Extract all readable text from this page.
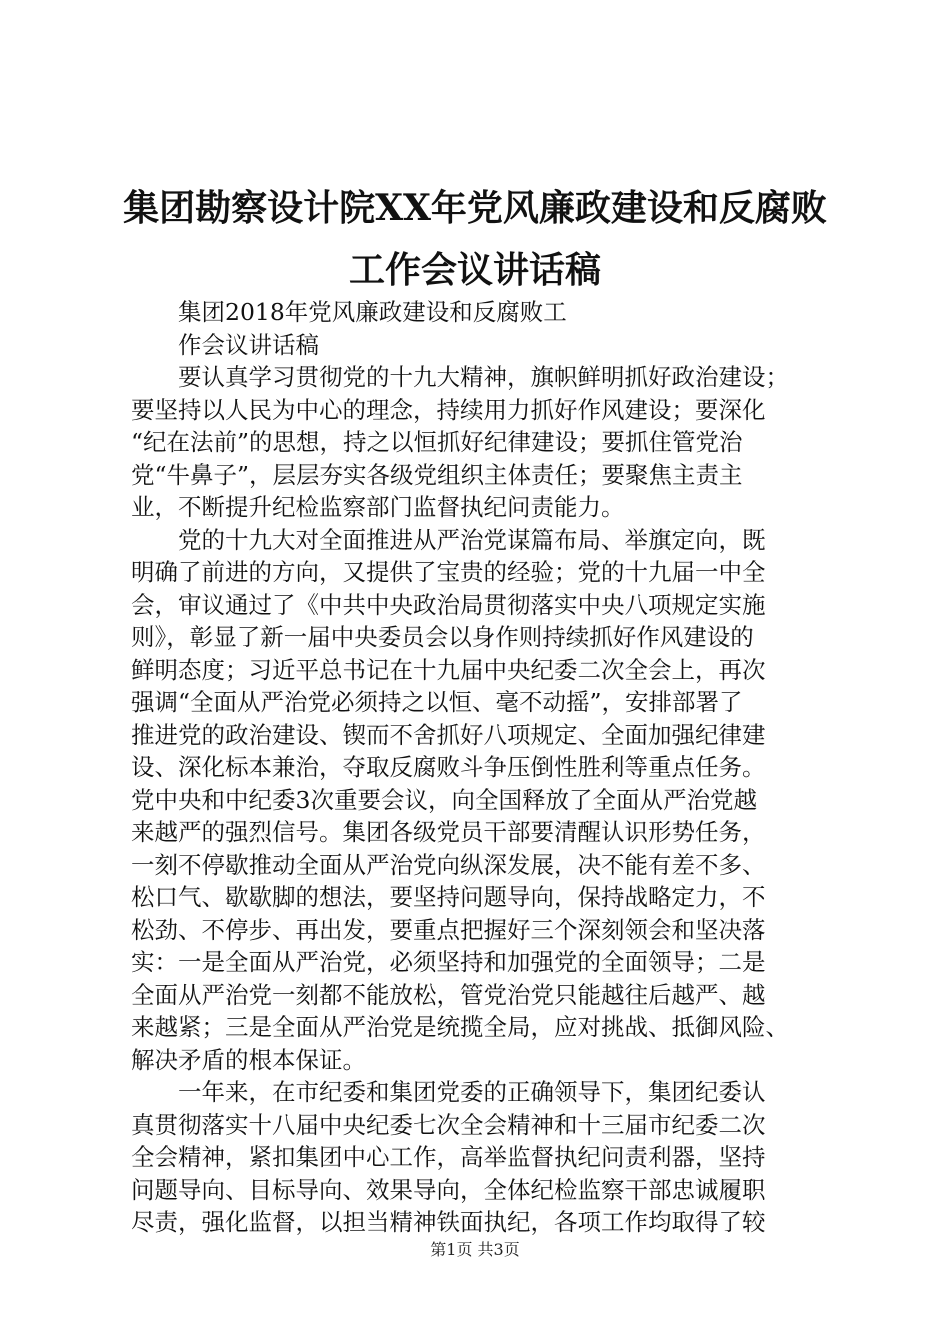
集团勘察设计院XX年党风廉政建设和反腐败
工作会议讲话稿

集团2018年党风廉政建设和反腐败工

作会议讲话稿

要认真学习贯彻党的十九大精神，旗帜鲜明抓好政治建设；

要坚持以人民为中心的理念，持续用力抓好作风建设；要深化

“纪在法前”的思想，持之以恒抓好纪律建设；要抓住管党治

党“牛鼻子”，层层夯实各级党组织主体责任；要聚焦主责主

业，不断提升纪检监察部门监督执纪问责能力。

党的十九大对全面推进从严治党谋篇布局、举旗定向，既

明确了前进的方向，又提供了宝贵的经验；党的十九届一中全

会，审议通过了《中共中央政治局贯彻落实中央八项规定实施

则》，彰显了新一届中央委员会以身作则持续抓好作风建设的

鲜明态度；习近平总书记在十九届中央纪委二次全会上，再次

强调“全面从严治党必须持之以恒、毫不动摇”，安排部署了

推进党的政治建设、锲而不舍抓好八项规定、全面加强纪律建

设、深化标本兼治，夺取反腐败斗争压倒性胜利等重点任务。

党中央和中纪委3次重要会议，向全国释放了全面从严治党越

来越严的强烈信号。集团各级党员干部要清醒认识形势任务，

一刻不停歇推动全面从严治党向纵深发展，决不能有差不多、

松口气、歇歇脚的想法，要坚持问题导向，保持战略定力，不

松劲、不停步、再出发，要重点把握好三个深刻领会和坚决落

实：一是全面从严治党，必须坚持和加强党的全面领导；二是

全面从严治党一刻都不能放松，管党治党只能越往后越严、越

来越紧；三是全面从严治党是统揽全局，应对挑战、抵御风险、

解决矛盾的根本保证。

一年来，在市纪委和集团党委的正确领导下，集团纪委认

真贯彻落实十八届中央纪委七次全会精神和十三届市纪委二次

全会精神，紧扣集团中心工作，高举监督执纪问责利器，坚持

问题导向、目标导向、效果导向，全体纪检监察干部忠诚履职

尽责，强化监督，以担当精神铁面执纪，各项工作均取得了较

第1页 共3页
